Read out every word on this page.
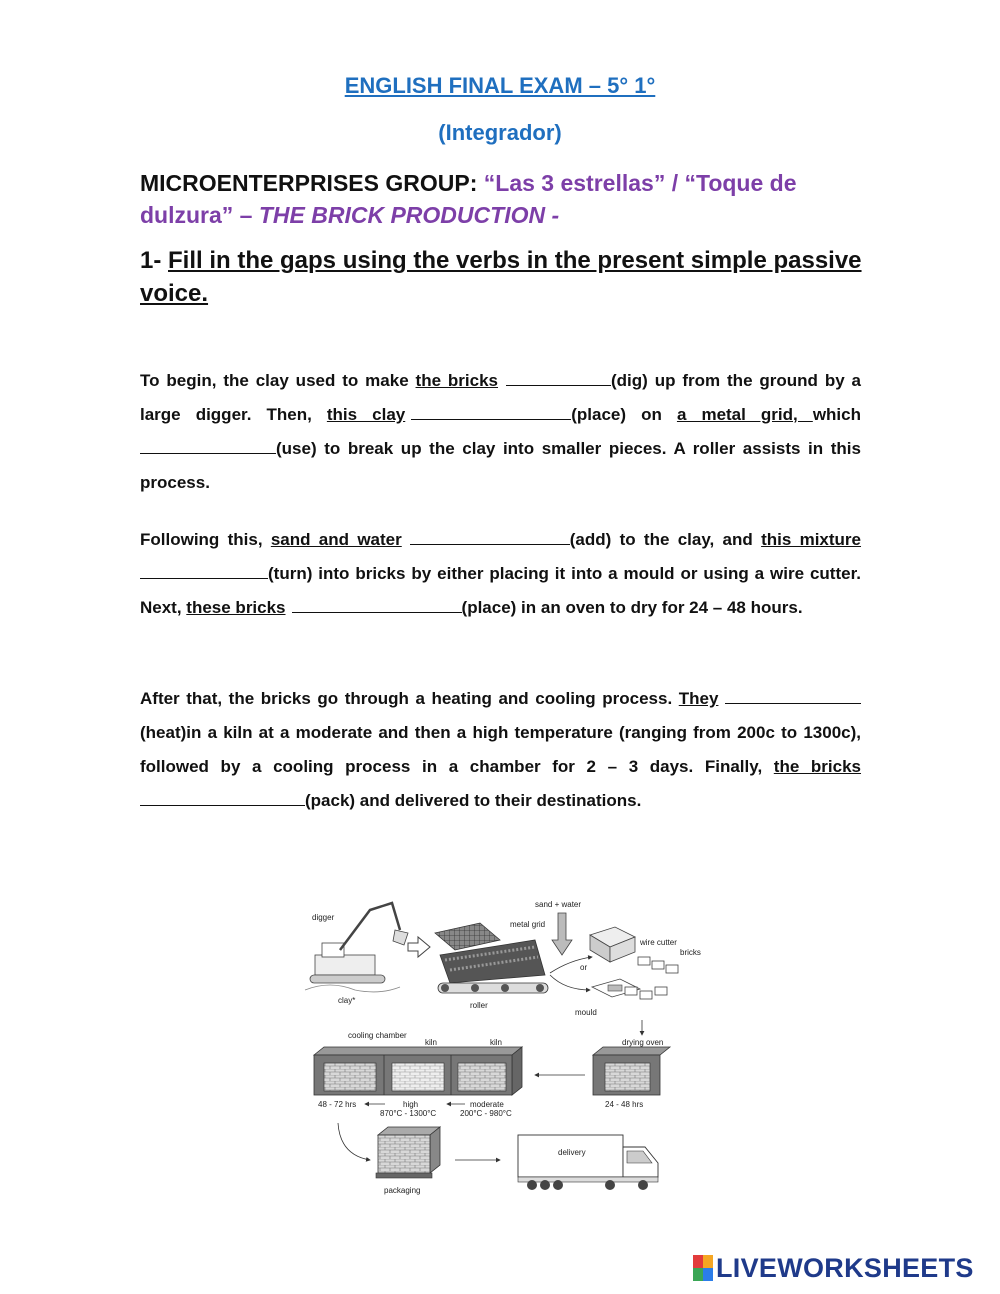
ENGLISH FINAL EXAM – 5° 1°
(Integrador)
MICROENTERPRISES GROUP: “Las 3 estrellas” / “Toque de dulzura” – THE BRICK PRODUCTION -
1- Fill in the gaps using the verbs in the present simple passive voice.
To begin, the clay used to make the bricks	(dig) up from the ground by a large digger. Then, this clay	(place) on a metal grid, which(use) to break up the clay into smaller pieces. A roller assists in this process.
Following this, sand and water	(add) to the clay, and this mixture(turn) into bricks by either placing it into a mould or using a wire cutter. Next, these bricks	(place) in an oven to dry for 24 – 48 hours.
After that, the bricks go through a heating and cooling process. They (heat)in a kiln at a moderate and then a high temperature (ranging from 200c to 1300c), followed by a cooling process in a chamber for 2 – 3 days. Finally, the bricks(pack) and delivered to their destinations.
digger
clay*
metal grid
roller
sand + water
or
wire cutter
bricks
mould
drying oven
24 - 48 hrs
cooling chamber
kiln	kiln
48 - 72 hrs	high
870°C - 1300°C
moderate
200°C - 980°C
packaging
delivery
LIVEWORKSHEETS
